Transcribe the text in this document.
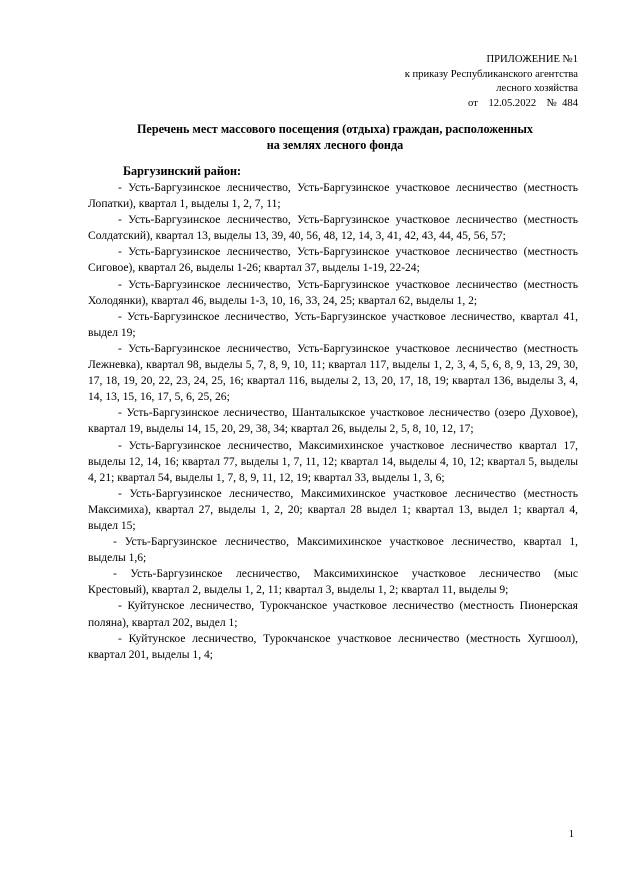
ПРИЛОЖЕНИЕ №1
к приказу Республиканского агентства
лесного хозяйства
от 12.05.2022 № 484
Перечень мест массового посещения (отдыха) граждан, расположенных
на землях лесного фонда
Баргузинский район:

- Усть-Баргузинское лесничество, Усть-Баргузинское участковое лесничество (местность Лопатки), квартал 1, выделы 1, 2, 7, 11;

- Усть-Баргузинское лесничество, Усть-Баргузинское участковое лесничество (местность Солдатский), квартал 13, выделы 13, 39, 40, 56, 48, 12, 14, 3, 41, 42, 43, 44, 45, 56, 57;

- Усть-Баргузинское лесничество, Усть-Баргузинское участковое лесничество (местность Сиговое), квартал 26, выделы 1-26; квартал 37, выделы 1-19, 22-24;

- Усть-Баргузинское лесничество, Усть-Баргузинское участковое лесничество (местность Холодянки), квартал 46, выделы 1-3, 10, 16, 33, 24, 25; квартал 62, выделы 1, 2;

- Усть-Баргузинское лесничество, Усть-Баргузинское участковое лесничество, квартал 41, выдел 19;

- Усть-Баргузинское лесничество, Усть-Баргузинское участковое лесничество (местность Лежневка), квартал 98, выделы 5, 7, 8, 9, 10, 11; квартал 117, выделы 1, 2, 3, 4, 5, 6, 8, 9, 13, 29, 30, 17, 18, 19, 20, 22, 23, 24, 25, 16; квартал 116, выделы 2, 13, 20, 17, 18, 19; квартал 136, выделы 3, 4, 14, 13, 15, 16, 17, 5, 6, 25, 26;

- Усть-Баргузинское лесничество, Шанталыкское участковое лесничество (озеро Духовое), квартал 19, выделы 14, 15, 20, 29, 38, 34; квартал 26, выделы 2, 5, 8, 10, 12, 17;

- Усть-Баргузинское лесничество, Максимихинское участковое лесничество квартал 17, выделы 12, 14, 16; квартал 77, выделы 1, 7, 11, 12; квартал 14, выделы 4, 10, 12; квартал 5, выделы 4, 21; квартал 54, выделы 1, 7, 8, 9, 11, 12, 19; квартал 33, выделы 1, 3, 6;

- Усть-Баргузинское лесничество, Максимихинское участковое лесничество (местность Максимиха), квартал 27, выделы 1, 2, 20; квартал 28 выдел 1; квартал 13, выдел 1; квартал 4, выдел 15;

- Усть-Баргузинское лесничество, Максимихинское участковое лесничество, квартал 1, выделы 1,6;

- Усть-Баргузинское лесничество, Максимихинское участковое лесничество (мыс Крестовый), квартал 2, выделы 1, 2, 11; квартал 3, выделы 1, 2; квартал 11, выделы 9;

- Куйтунское лесничество, Турокчанское участковое лесничество (местность Пионерская поляна), квартал 202, выдел 1;

- Куйтунское лесничество, Турокчанское участковое лесничество (местность Хугшоол), квартал 201, выделы 1, 4;

1
